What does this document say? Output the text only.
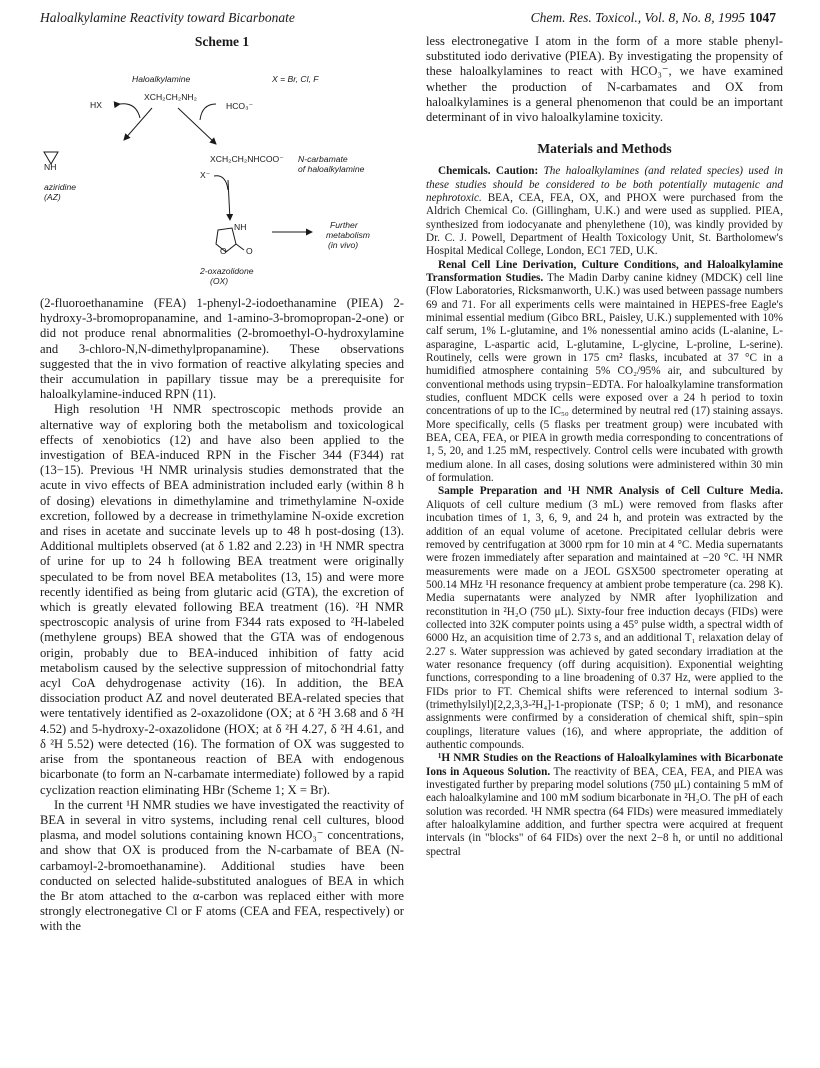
Haloalkylamine Reactivity toward Bicarbonate	Chem. Res. Toxicol., Vol. 8, No. 8, 1995 1047
Scheme 1
Haloalkylamine	X = Br, Cl, F
XCH₂CH₂NH₂
HX	HCO₃⁻
NH
aziridine
(AZ)
XCH₂CH₂NHCOO⁻ N-carbamate
of haloalkylamine
X⁻
NH
O O
Further
metabolism
(in vivo)
2-oxazolidone
(OX)

(2-fluoroethanamine (FEA) 1-phenyl-2-iodoethanamine (PIEA) 2-hydroxy-3-bromopropanamine, and 1-amino-3-bromopropan-2-one) or did not produce renal abnormalities (2-bromoethyl-O-hydroxylamine and 3-chloro-N,N-dimethylpropanamine). These observations suggested that the in vivo formation of reactive alkylating species and their accumulation in papillary tissue may be a prerequisite for haloalkylamine-induced RPN (11).

High resolution ¹H NMR spectroscopic methods provide an alternative way of exploring both the metabolism and toxicological effects of xenobiotics (12) and have also been applied to the investigation of BEA-induced RPN in the Fischer 344 (F344) rat (13−15). Previous ¹H NMR urinalysis studies demonstrated that the acute in vivo effects of BEA administration included early (within 8 h of dosing) elevations in dimethylamine and trimethylamine N-oxide excretion, followed by a decrease in trimethylamine N-oxide excretion and rises in acetate and succinate levels up to 48 h post-dosing (13). Additional multiplets observed (at δ 1.82 and 2.23) in ¹H NMR spectra of urine for up to 24 h following BEA treatment were originally speculated to be from novel BEA metabolites (13, 15) and were more recently identified as being from glutaric acid (GTA), the excretion of which is greatly elevated following BEA treatment (16). ²H NMR spectroscopic analysis of urine from F344 rats exposed to ²H-labeled (methylene groups) BEA showed that the GTA was of endogenous origin, probably due to BEA-induced inhibition of fatty acid metabolism caused by the selective suppression of mitochondrial fatty acyl CoA dehydrogenase activity (16). In addition, the BEA dissociation product AZ and novel deuterated BEA-related species that were tentatively identified as 2-oxazolidone (OX; at δ ²H 3.68 and δ ²H 4.52) and 5-hydroxy-2-oxazolidone (HOX; at δ ²H 4.27, δ ²H 4.61, and δ ²H 5.52) were detected (16). The formation of OX was suggested to arise from the spontaneous reaction of BEA with endogenous bicarbonate (to form an N-carbamate intermediate) followed by a rapid cyclization reaction eliminating HBr (Scheme 1; X = Br).

In the current ¹H NMR studies we have investigated the reactivity of BEA in several in vitro systems, including renal cell cultures, blood plasma, and model solutions containing known HCO₃⁻ concentrations, and show that OX is produced from the N-carbamate of BEA (N-carbamoyl-2-bromoethanamine). Additional studies have been conducted on selected halide-substituted analogues of BEA in which the Br atom attached to the α-carbon was replaced either with more strongly electronegative Cl or F atoms (CEA and FEA, respectively) or with the

less electronegative I atom in the form of a more stable phenyl-substituted iodo derivative (PIEA). By investigating the propensity of these haloalkylamines to react with HCO₃⁻, we have examined whether the production of N-carbamates and OX from haloalkylamines is a general phenomenon that could be an important determinant of in vivo haloalkylamine toxicity.

Materials and Methods

Chemicals. Caution: The haloalkylamines (and related species) used in these studies should be considered to be both potentially mutagenic and nephrotoxic. BEA, CEA, FEA, OX, and PHOX were purchased from the Aldrich Chemical Co. (Gillingham, U.K.) and were used as supplied. PIEA, synthesized from iodocyanate and phenylethene (10), was kindly provided by Dr. C. J. Powell, Department of Health Toxicology Unit, St. Bartholomew's Hospital Medical College, London, EC1 7ED, U.K.

Renal Cell Line Derivation, Culture Conditions, and Haloalkylamine Transformation Studies. The Madin Darby canine kidney (MDCK) cell line (Flow Laboratories, Ricksmanworth, U.K.) was used between passage numbers 69 and 71. For all experiments cells were maintained in HEPES-free Eagle's minimal essential medium (Gibco BRL, Paisley, U.K.) supplemented with 10% calf serum, 1% L-glutamine, and 1% nonessential amino acids (L-alanine, L-asparagine, L-aspartic acid, L-glutamine, L-glycine, L-proline, L-serine). Routinely, cells were grown in 175 cm² flasks, incubated at 37 °C in a humidified atmosphere containing 5% CO₂/95% air, and subcultured by conventional methods using trypsin−EDTA. For haloalkylamine transformation studies, confluent MDCK cells were exposed over a 24 h period to toxin concentrations of up to the IC₅₀ determined by neutral red (17) staining assays. More specifically, cells (5 flasks per treatment group) were incubated with BEA, CEA, FEA, or PIEA in growth media corresponding to concentrations of 1, 5, 20, and 1.25 mM, respectively. Control cells were incubated with growth medium alone. In all cases, dosing solutions were administered within 30 min of formulation.

Sample Preparation and ¹H NMR Analysis of Cell Culture Media. Aliquots of cell culture medium (3 mL) were removed from flasks after incubation times of 1, 3, 6, 9, and 24 h, and protein was extracted by the addition of an equal volume of acetone. Precipitated cellular debris were removed by centrifugation at 3000 rpm for 10 min at 4 °C. Media supernatants were frozen immediately after separation and maintained at −20 °C. ¹H NMR measurements were made on a JEOL GSX500 spectrometer operating at 500.14 MHz ¹H resonance frequency at ambient probe temperature (ca. 298 K). Media supernatants were analyzed by NMR after lyophilization and reconstitution in ²H₂O (750 μL). Sixty-four free induction decays (FIDs) were collected into 32K computer points using a 45° pulse width, a spectral width of 6000 Hz, an acquisition time of 2.73 s, and an additional T₁ relaxation delay of 2.27 s. Water suppression was achieved by gated secondary irradiation at the water resonance frequency (off during acquisition). Exponential weighting functions, corresponding to a line broadening of 0.37 Hz, were applied to the FIDs prior to FT. Chemical shifts were referenced to internal sodium 3-(trimethylsilyl)[2,2,3,3-²H₄]-1-propionate (TSP; δ 0; 1 mM), and resonance assignments were confirmed by a consideration of chemical shift, spin−spin couplings, literature values (16), and where appropriate, the addition of authentic compounds.

¹H NMR Studies on the Reactions of Haloalkylamines with Bicarbonate Ions in Aqueous Solution. The reactivity of BEA, CEA, FEA, and PIEA was investigated further by preparing model solutions (750 μL) containing 5 mM of each haloalkylamine and 100 mM sodium bicarbonate in ²H₂O. The pH of each solution was recorded. ¹H NMR spectra (64 FIDs) were measured immediately after haloalkylamine addition, and further spectra were acquired at frequent intervals (in "blocks" of 64 FIDs) over the next 2−8 h, or until no additional spectral
